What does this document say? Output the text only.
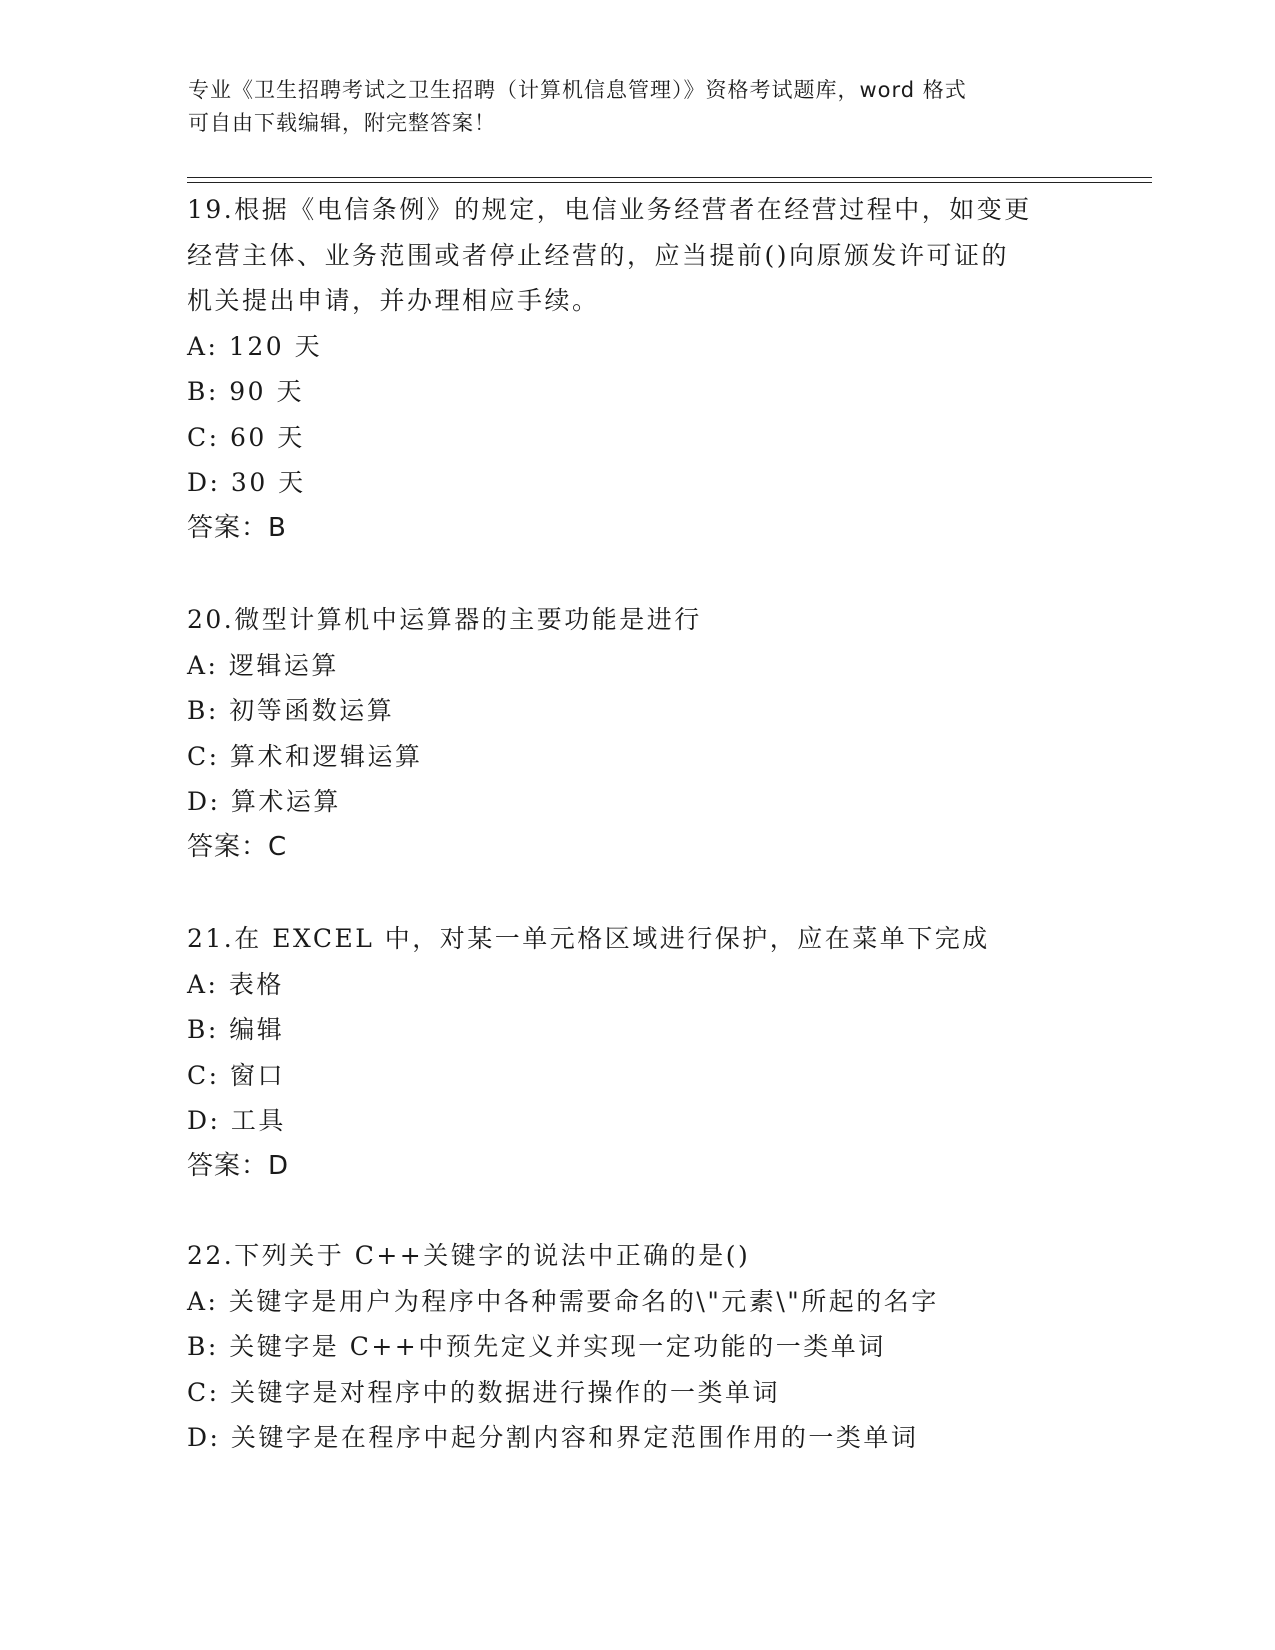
专业《卫生招聘考试之卫生招聘（计算机信息管理）》资格考试题库，word 格式
可自由下载编辑，附完整答案！
19.根据《电信条例》的规定，电信业务经营者在经营过程中，如变更
经营主体、业务范围或者停止经营的，应当提前()向原颁发许可证的
机关提出申请，并办理相应手续。
A: 120 天
B: 90 天
C: 60 天
D: 30 天
答案：B
20.微型计算机中运算器的主要功能是进行
A: 逻辑运算
B: 初等函数运算
C: 算术和逻辑运算
D: 算术运算
答案：C
21.在 EXCEL 中，对某一单元格区域进行保护，应在菜单下完成
A: 表格
B: 编辑
C: 窗口
D: 工具
答案：D
22.下列关于 C++关键字的说法中正确的是()
A: 关键字是用户为程序中各种需要命名的\"元素\"所起的名字
B: 关键字是 C++中预先定义并实现一定功能的一类单词
C: 关键字是对程序中的数据进行操作的一类单词
D: 关键字是在程序中起分割内容和界定范围作用的一类单词
